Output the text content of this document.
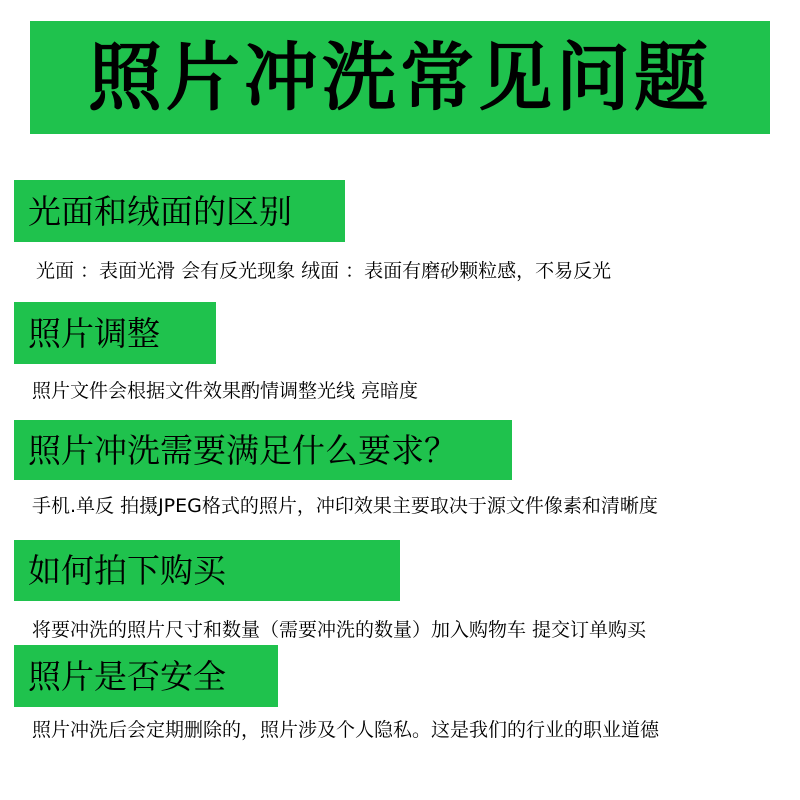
照片冲洗常见问题
光面和绒面的区别
光面 ：表面光滑 会有反光现象 绒面 ：表面有磨砂颗粒感，不易反光
照片调整
照片文件会根据文件效果酌情调整光线 亮暗度
照片冲洗需要满足什么要求？
手机.单反 拍摄JPEG格式的照片，冲印效果主要取决于源文件像素和清晰度
如何拍下购买
将要冲洗的照片尺寸和数量（需要冲洗的数量）加入购物车 提交订单购买
照片是否安全
照片冲洗后会定期删除的，照片涉及个人隐私。这是我们的行业的职业道德
